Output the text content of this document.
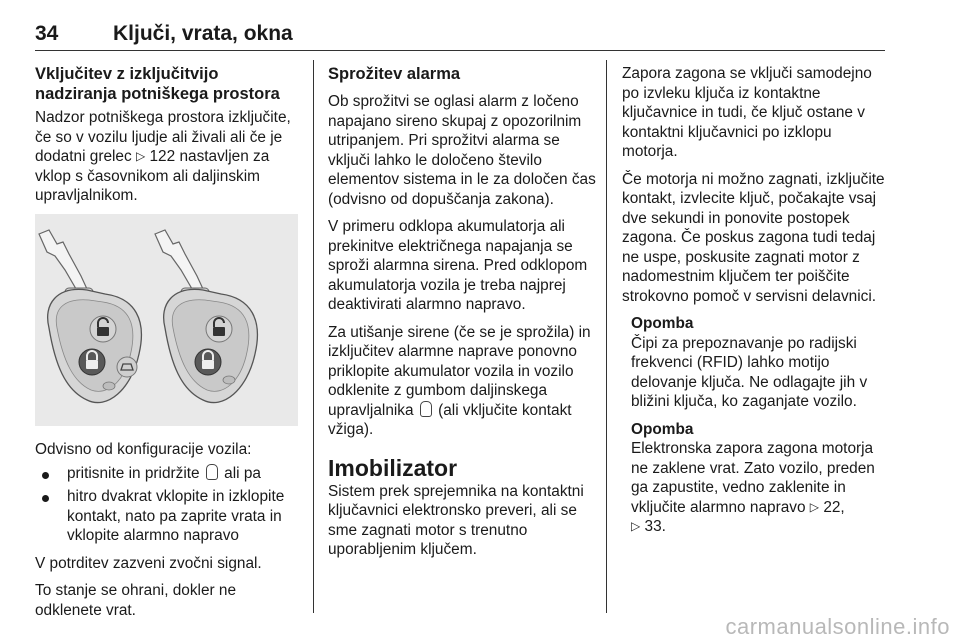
34	Ključi, vrata, okna
Vključitev z izključitvijo nadziranja potniškega prostora

Nadzor potniškega prostora izključite, če so v vozilu ljudje ali živali ali če je dodatni grelec ▷ 122 nastavljen za vklop s časovnikom ali daljinskim upravljalnikom.

Odvisno od konfiguracije vozila:

pritisnite in pridržite ali pa
hitro dvakrat vklopite in izklopite kontakt, nato pa zaprite vrata in vklopite alarmno napravo

V potrditev zazveni zvočni signal.

To stanje se ohrani, dokler ne odklenete vrat.

Sprožitev alarma

Ob sprožitvi se oglasi alarm z ločeno napajano sireno skupaj z opozorilnim utripanjem. Pri sprožitvi alarma se vključi lahko le določeno število elementov sistema in le za določen čas (odvisno od dopuščanja zakona).

V primeru odklopa akumulatorja ali prekinitve električnega napajanja se sproži alarmna sirena. Pred odklopom akumulatorja vozila je treba najprej deaktivirati alarmno napravo.

Za utišanje sirene (če se je sprožila) in izključitev alarmne naprave ponovno priklopite akumulator vozila in vozilo odklenite z gumbom daljinskega upravljalnika (ali vključite kontakt vžiga).

Imobilizator

Sistem prek sprejemnika na kontaktni ključavnici elektronsko preveri, ali se sme zagnati motor s trenutno uporabljenim ključem.

Zapora zagona se vključi samodejno po izvleku ključa iz kontaktne ključavnice in tudi, če ključ ostane v kontaktni ključavnici po izklopu motorja.

Če motorja ni možno zagnati, izključite kontakt, izvlecite ključ, počakajte vsaj dve sekundi in ponovite postopek zagona. Če poskus zagona tudi tedaj ne uspe, poskusite zagnati motor z nadomestnim ključem ter poiščite strokovno pomoč v servisni delavnici.

Opomba

Čipi za prepoznavanje po radijski frekvenci (RFID) lahko motijo delovanje ključa. Ne odlagajte jih v bližini ključa, ko zaganjate vozilo.

Opomba

Elektronska zapora zagona motorja ne zaklene vrat. Zato vozilo, preden ga zapustite, vedno zaklenite in vključite alarmno napravo ▷ 22,
▷ 33.

carmanualsonline.info
